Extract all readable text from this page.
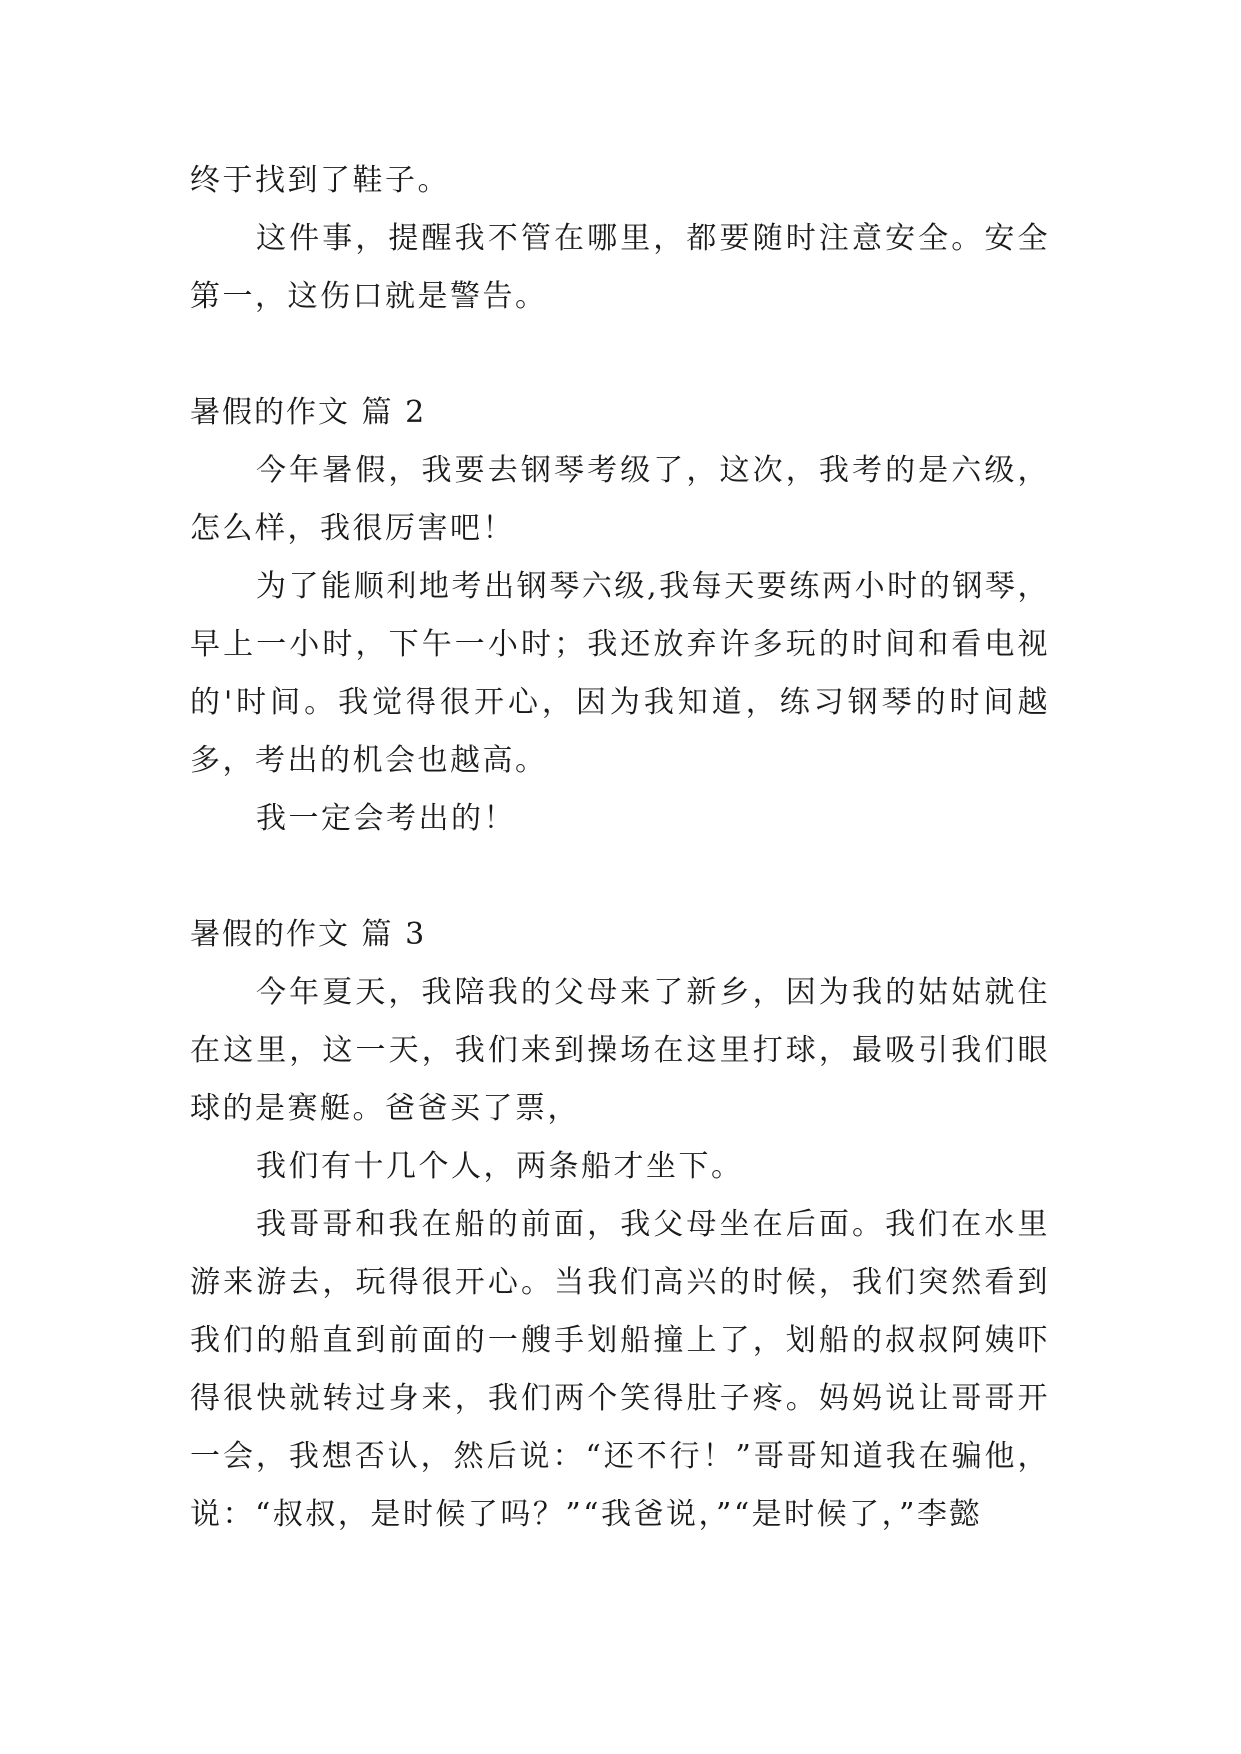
终于找到了鞋子。

这件事，提醒我不管在哪里，都要随时注意安全。安全第一，这伤口就是警告。

暑假的作文 篇 2

今年暑假，我要去钢琴考级了，这次，我考的是六级，怎么样，我很厉害吧！

为了能顺利地考出钢琴六级,我每天要练两小时的钢琴，早上一小时，下午一小时；我还放弃许多玩的时间和看电视的'时间。我觉得很开心，因为我知道，练习钢琴的时间越多，考出的机会也越高。

我一定会考出的！

暑假的作文 篇 3

今年夏天，我陪我的父母来了新乡，因为我的姑姑就住在这里，这一天，我们来到操场在这里打球，最吸引我们眼球的是赛艇。爸爸买了票，

我们有十几个人，两条船才坐下。

我哥哥和我在船的前面，我父母坐在后面。我们在水里游来游去，玩得很开心。当我们高兴的时候，我们突然看到我们的船直到前面的一艘手划船撞上了，划船的叔叔阿姨吓得很快就转过身来，我们两个笑得肚子疼。妈妈说让哥哥开一会，我想否认，然后说：“还不行！”哥哥知道我在骗他，说：“叔叔，是时候了吗？”“我爸说，”“是时候了，”李懿
